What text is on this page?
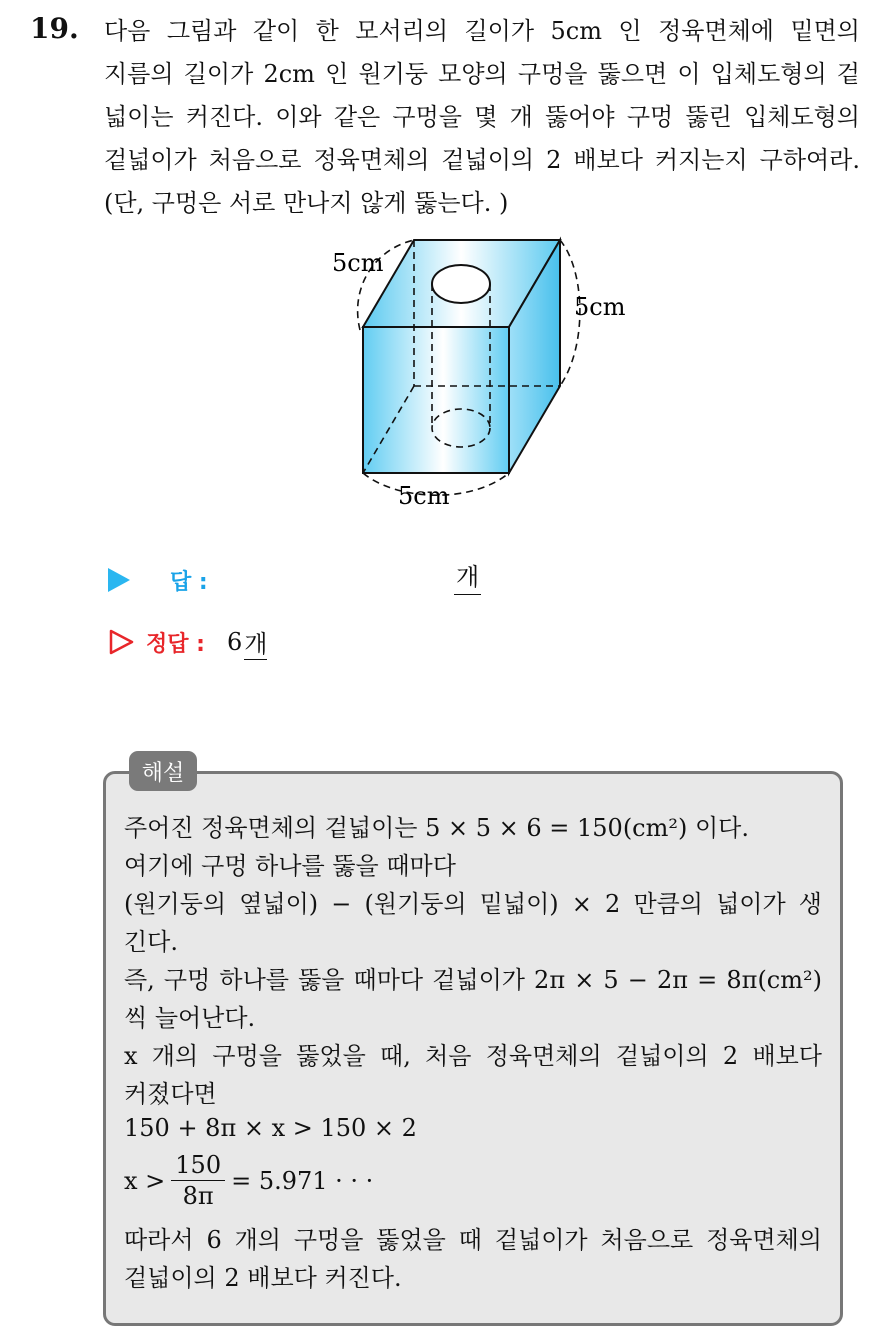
19. 다음 그림과 같이 한 모서리의 길이가 5cm 인 정육면체에 밑면의
지름의 길이가 2cm 인 원기둥 모양의 구멍을 뚫으면 이 입체도형의 겉
넓이는 커진다. 이와 같은 구멍을 몇 개 뚫어야 구멍 뚫린 입체도형의
겉넓이가 처음으로 정육면체의 겉넓이의 2 배보다 커지는지 구하여라.
(단, 구멍은 서로 만나지 않게 뚫는다. )
5cm
5cm
5cm
답 :	개
정답 : 6 개
해설
주어진 정육면체의 겉넓이는 5 × 5 × 6 = 150(cm²) 이다.
여기에 구멍 하나를 뚫을 때마다
(원기둥의 옆넓이) − (원기둥의 밑넓이) × 2 만큼의 넓이가 생
긴다.
즉, 구멍 하나를 뚫을 때마다 겉넓이가 2π × 5 − 2π = 8π(cm²)
씩 늘어난다.
x 개의 구멍을 뚫었을 때, 처음 정육면체의 겉넓이의 2 배보다
커졌다면
150 + 8π × x > 150 × 2
$x > \frac{150}{8\pi} = 5.971$ · · ·
따라서 6 개의 구멍을 뚫었을 때 겉넓이가 처음으로 정육면체의
겉넓이의 2 배보다 커진다.
